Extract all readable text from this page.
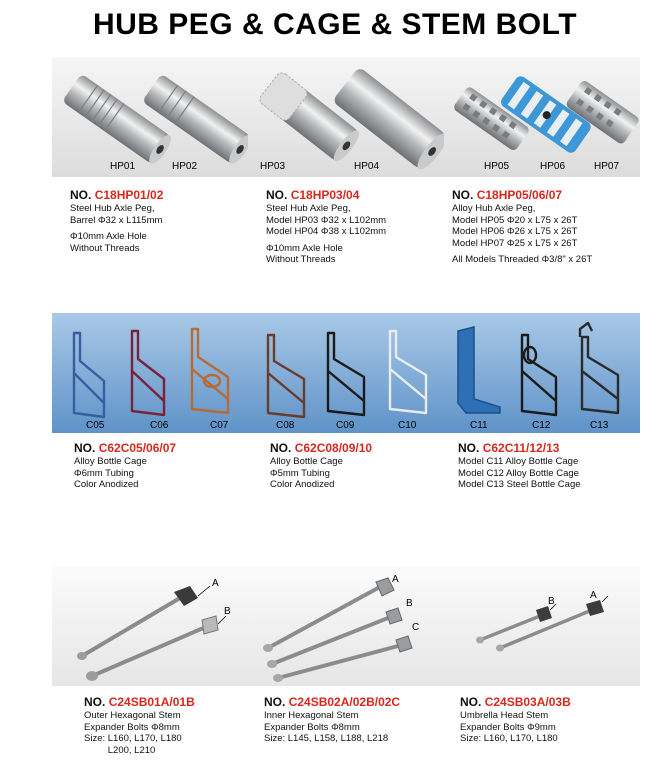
HUB PEG & CAGE & STEM BOLT
HP01	HP02	HP03	HP04	HP05	HP06	HP07
NO. C18HP01/02
Steel Hub Axle Peg,
Barrel Φ32 x L115mm
Φ10mm Axle Hole
Without Threads
NO. C18HP03/04
Steel Hub Axle Peg,
Model HP03 Φ32 x L102mm
Model HP04 Φ38 x L102mm
Φ10mm Axle Hole
Without Threads
NO. C18HP05/06/07
Alloy Hub Axle Peg,
Model HP05 Φ20 x L75 x 26T
Model HP06 Φ26 x L75 x 26T
Model HP07 Φ25 x L75 x 26T
All Models Threaded Φ3/8" x 26T
C05	C06	C07	C08	C09	C10	C11	C12	C13
NO. C62C05/06/07
Alloy Bottle Cage
Φ6mm Tubing
Color Anodized
NO. C62C08/09/10
Alloy Bottle Cage
Φ5mm Tubing
Color Anodized
NO. C62C11/12/13
Model C11 Alloy Bottle Cage
Model C12 Alloy Bottle Cage
Model C13 Steel Bottle Cage
A
B
A
B
C
B
A
NO. C24SB01A/01B
Outer Hexagonal Stem
Expander Bolts Φ8mm
Size: L160, L170, L180
L200, L210
NO. C24SB02A/02B/02C
Inner Hexagonal Stem
Expander Bolts Φ8mm
Size: L145, L158, L188, L218
NO. C24SB03A/03B
Umbrella Head Stem
Expander Bolts Φ9mm
Size: L160, L170, L180
